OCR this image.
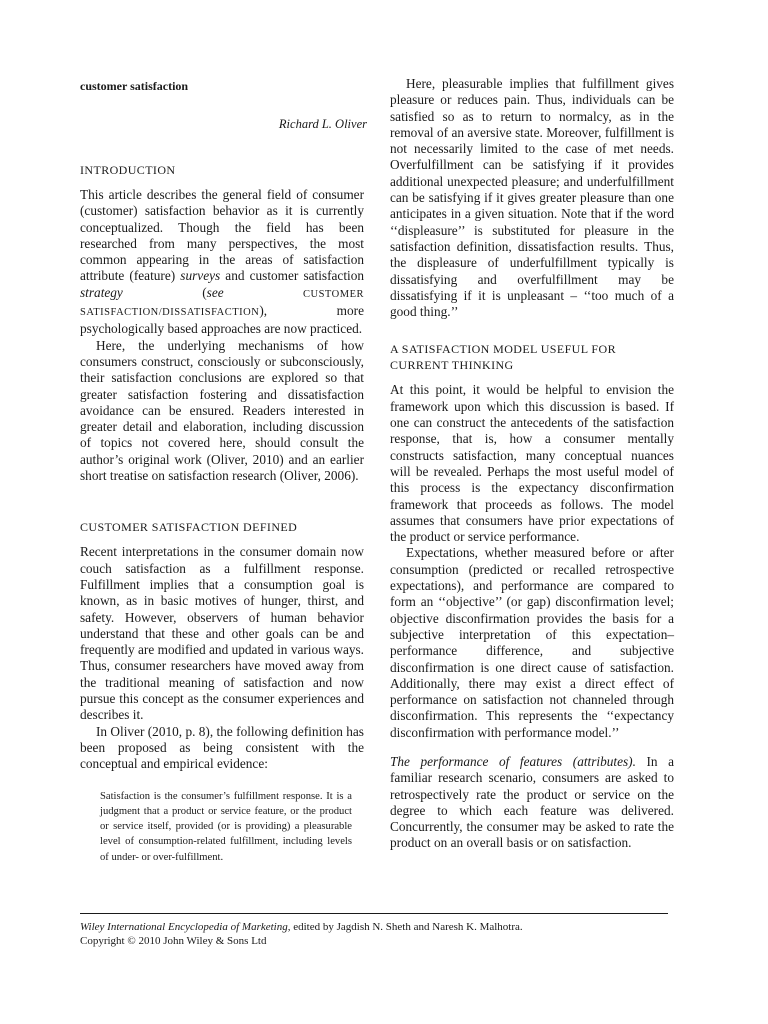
customer satisfaction
Richard L. Oliver
INTRODUCTION

This article describes the general field of consumer (customer) satisfaction behavior as it is currently conceptualized. Though the field has been researched from many perspectives, the most common appearing in the areas of satisfaction attribute (feature) surveys and customer satisfaction strategy (see	CUSTOMER SATISFACTION/DISSATISFACTION), more psychologically based approaches are now practiced.

Here, the underlying mechanisms of how consumers construct, consciously or subconsciously, their satisfaction conclusions are explored so that greater satisfaction fostering and dissatisfaction avoidance can be ensured. Readers interested in greater detail and elaboration, including discussion of topics not covered here, should consult the author’s original work (Oliver, 2010) and an earlier short treatise on satisfaction research (Oliver, 2006).

CUSTOMER SATISFACTION DEFINED

Recent interpretations in the consumer domain now couch satisfaction as a fulfillment response. Fulfillment implies that a consumption goal is known, as in basic motives of hunger, thirst, and safety. However, observers of human behavior understand that these and other goals can be and frequently are modified and updated in various ways. Thus, consumer researchers have moved away from the traditional meaning of satisfaction and now pursue this concept as the consumer experiences and describes it.

In Oliver (2010, p. 8), the following definition has been proposed as being consistent with the conceptual and empirical evidence:

Satisfaction is the consumer’s fulfillment response. It is a judgment that a product or service feature, or the product or service itself, provided (or is providing) a pleasurable level of consumption-related fulfillment, including levels of under- or over-fulfillment.

Here, pleasurable implies that fulfillment gives pleasure or reduces pain. Thus, individuals can be satisfied so as to return to normalcy, as in the removal of an aversive state. Moreover, fulfillment is not necessarily limited to the case of met needs. Overfulfillment can be satisfying if it provides additional unexpected pleasure; and underfulfillment can be satisfying if it gives greater pleasure than one anticipates in a given situation. Note that if the word ‘‘displeasure’’ is substituted for pleasure in the satisfaction definition, dissatisfaction results. Thus, the displeasure of underfulfillment typically is dissatisfying and overfulfillment may be dissatisfying if it is unpleasant – ‘‘too much of a good thing.’’

A SATISFACTION MODEL USEFUL FOR
CURRENT THINKING

At this point, it would be helpful to envision the framework upon which this discussion is based. If one can construct the antecedents of the satisfaction response, that is, how a consumer mentally constructs satisfaction, many conceptual nuances will be revealed. Perhaps the most useful model of this process is the expectancy disconfirmation framework that proceeds as follows. The model assumes that consumers have prior expectations of the product or service performance.

Expectations, whether measured before or after consumption (predicted or recalled retrospective expectations), and performance are compared to form an ‘‘objective’’ (or gap) disconfirmation level; objective disconfirmation provides the basis for a subjective interpretation of this expectation–performance difference, and subjective disconfirmation is one direct cause of satisfaction. Additionally, there may exist a direct effect of performance on satisfaction not channeled through disconfirmation. This represents the ‘‘expectancy disconfirmation with performance model.’’

The performance of features (attributes). In a familiar research scenario, consumers are asked to retrospectively rate the product or service on the degree to which each feature was delivered. Concurrently, the consumer may be asked to rate the product on an overall basis or on satisfaction.

Wiley International Encyclopedia of Marketing, edited by Jagdish N. Sheth and Naresh K. Malhotra.
Copyright © 2010 John Wiley & Sons Ltd
